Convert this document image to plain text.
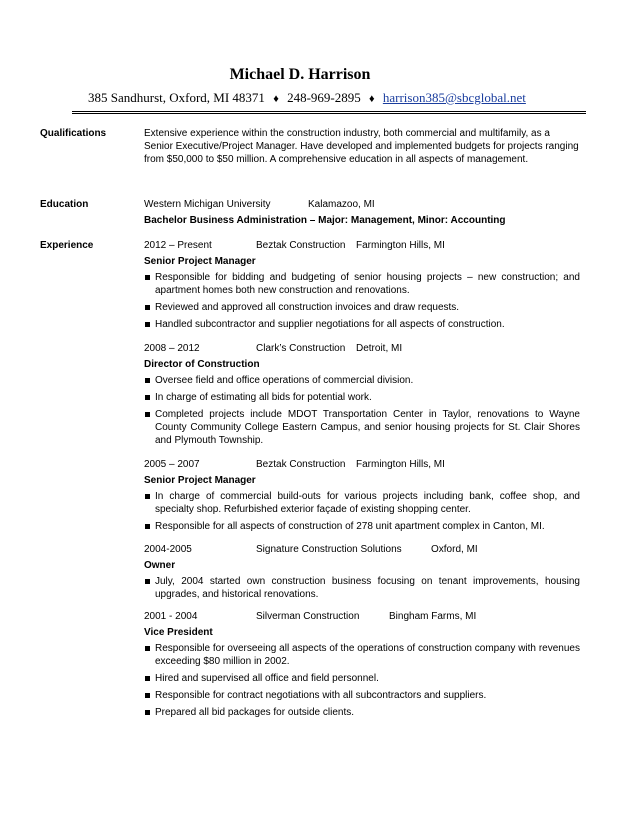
Michael D. Harrison
385 Sandhurst, Oxford, MI 48371 ♦ 248-969-2895 ♦ harrison385@sbcglobal.net
Qualifications	Extensive experience within the construction industry, both commercial and multifamily, as a Senior Executive/Project Manager. Have developed and implemented budgets for projects ranging from $50,000 to $50 million. A comprehensive education in all aspects of management.

Education	Western Michigan University	Kalamazoo, MI
Bachelor Business Administration – Major: Management, Minor: Accounting
Experience	2012 – Present	Beztak Construction Farmington Hills, MI
Senior Project Manager
Responsible for bidding and budgeting of senior housing projects – new construction; and apartment homes both new construction and renovations.
Reviewed and approved all construction invoices and draw requests.
Handled subcontractor and supplier negotiations for all aspects of construction.
2008 – 2012	Clark’s Construction Detroit, MI
Director of Construction
Oversee field and office operations of commercial division.
In charge of estimating all bids for potential work.
Completed projects include MDOT Transportation Center in Taylor, renovations to Wayne County Community College Eastern Campus, and senior housing projects for St. Clair Shores and Plymouth Township.
2005 – 2007	Beztak Construction Farmington Hills, MI
Senior Project Manager
In charge of commercial build-outs for various projects including bank, coffee shop, and specialty shop. Refurbished exterior façade of existing shopping center.
Responsible for all aspects of construction of 278 unit apartment complex in Canton, MI.
2004-2005	Signature Construction Solutions	Oxford, MI
Owner
July, 2004 started own construction business focusing on tenant improvements, housing upgrades, and historical renovations.
2001 - 2004	Silverman Construction	Bingham Farms, MI
Vice President
Responsible for overseeing all aspects of the operations of construction company with revenues exceeding $80 million in 2002.
Hired and supervised all office and field personnel.
Responsible for contract negotiations with all subcontractors and suppliers.
Prepared all bid packages for outside clients.
